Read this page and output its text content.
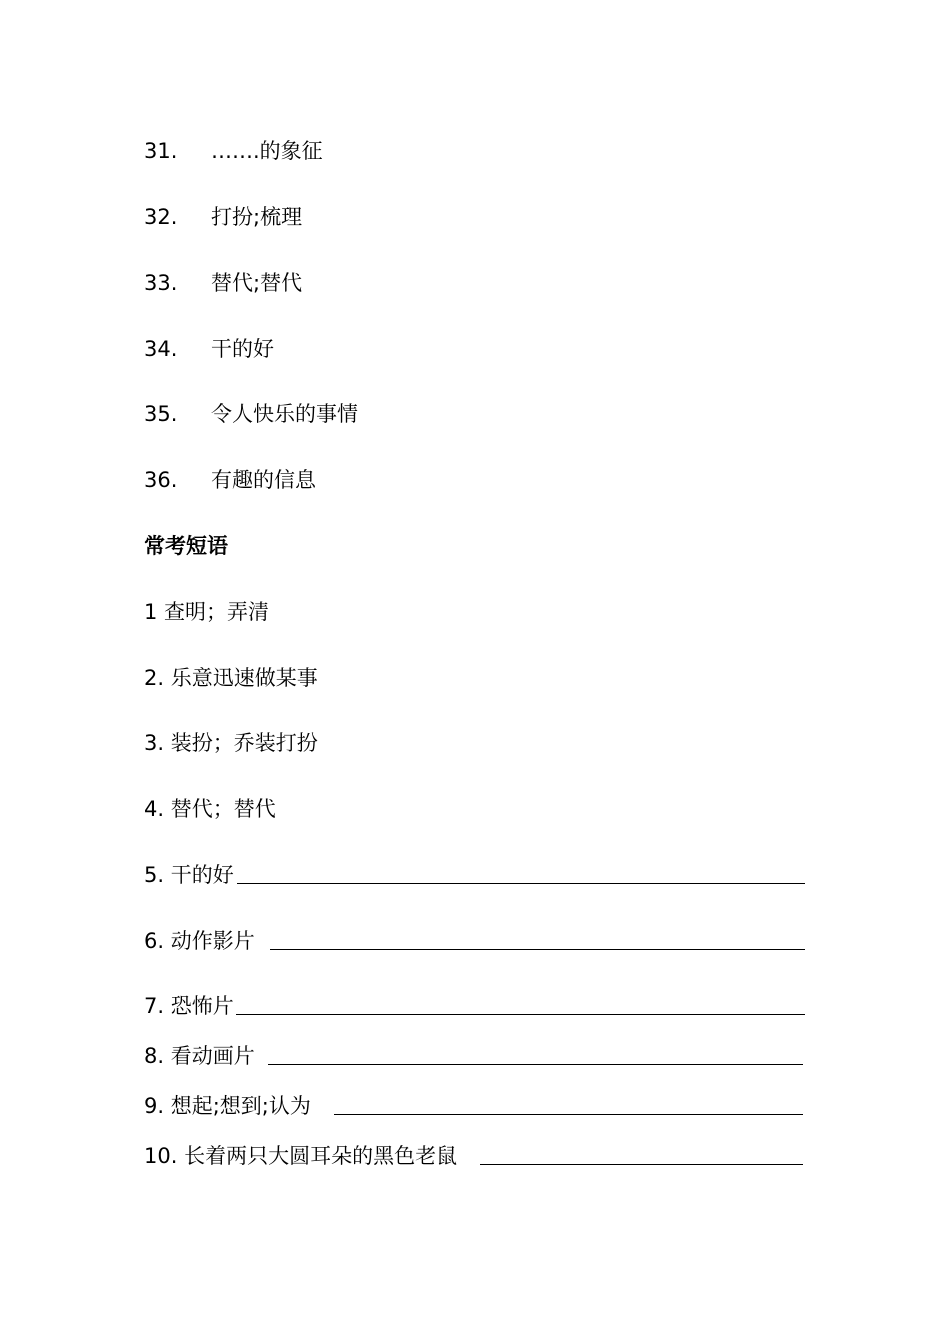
31. …….的象征
32. 打扮;梳理
33. 替代;替代
34. 干的好
35. 令人快乐的事情
36. 有趣的信息
常考短语
1 查明；弄清
2. 乐意迅速做某事
3. 装扮；乔装打扮
4. 替代；替代
5. 干的好
6. 动作影片
7. 恐怖片
8. 看动画片
9. 想起;想到;认为
10. 长着两只大圆耳朵的黑色老鼠
